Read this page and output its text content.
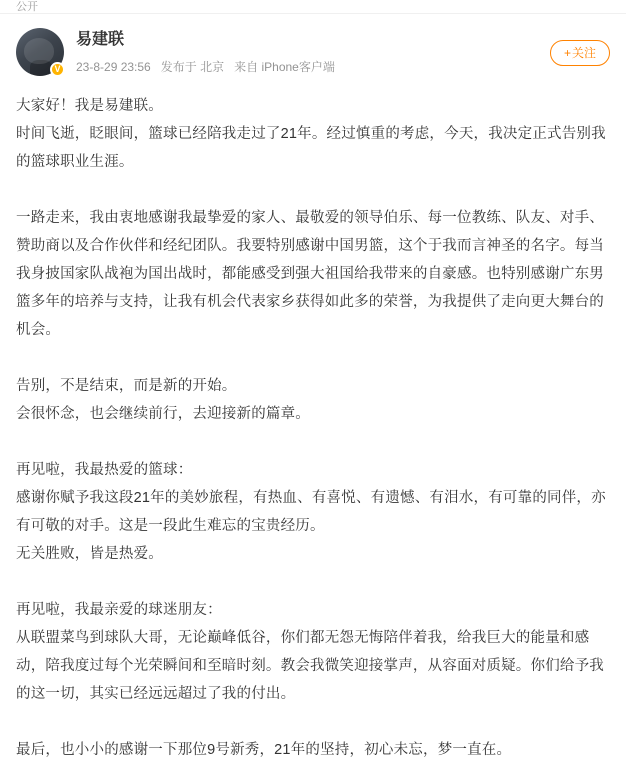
公开
V
易建联
23-8-29 23:56 发布于 北京 来自 iPhone客户端
+关注

大家好！我是易建联。

时间飞逝，眨眼间，篮球已经陪我走过了21年。经过慎重的考虑，今天，我决定正式告别我的篮球职业生涯。

一路走来，我由衷地感谢我最挚爱的家人、最敬爱的领导伯乐、每一位教练、队友、对手、赞助商以及合作伙伴和经纪团队。我要特别感谢中国男篮，这个于我而言神圣的名字。每当我身披国家队战袍为国出战时，都能感受到强大祖国给我带来的自豪感。也特别感谢广东男篮多年的培养与支持，让我有机会代表家乡获得如此多的荣誉，为我提供了走向更大舞台的机会。

告别，不是结束，而是新的开始。

会很怀念，也会继续前行，去迎接新的篇章。

再见啦，我最热爱的篮球：

感谢你赋予我这段21年的美妙旅程，有热血、有喜悦、有遗憾、有泪水，有可靠的同伴，亦有可敬的对手。这是一段此生难忘的宝贵经历。

无关胜败，皆是热爱。

再见啦，我最亲爱的球迷朋友：

从联盟菜鸟到球队大哥，无论巅峰低谷，你们都无怨无悔陪伴着我，给我巨大的能量和感动，陪我度过每个光荣瞬间和至暗时刻。教会我微笑迎接掌声，从容面对质疑。你们给予我的这一切，其实已经远远超过了我的付出。

最后，也小小的感谢一下那位9号新秀，21年的坚持，初心未忘，梦一直在。
